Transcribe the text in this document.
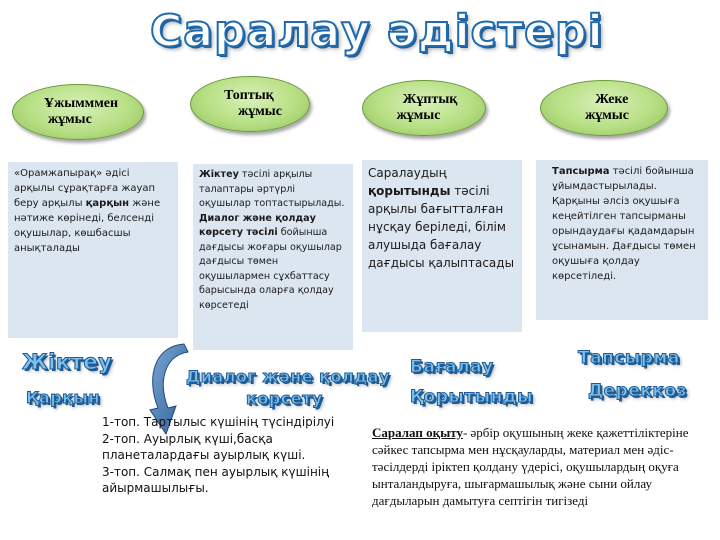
Саралау әдістері
Ұжымммен
жұмыс
Топтық
жұмыс
Жұптық
жұмыс
Жеке
жұмыс
«Орамжапырақ» әдісі арқылы сұрақтарға жауап беру арқылы қарқын және нәтиже көрінеді, белсенді оқушылар, көшбасшы анықталады
Жіктеу тәсілі арқылы талаптары әртүрлі оқушылар топтастырылады. Диалог және қолдау көрсету тәсілі бойынша дағдысы жоғары оқушылар дағдысы төмен оқушылармен сұхбаттасу барысында оларға қолдау көрсетеді
Саралаудың қорытынды тәсілі арқылы бағытталған нұсқау беріледі, білім алушыда бағалау дағдысы қалыптасады
Тапсырма тәсілі бойынша ұйымдастырылады. Қарқыны әлсіз оқушыға кеңейтілген тапсырманы орындаудағы қадамдарын ұсынамын. Дағдысы төмен оқушыға қолдау көрсетіледі.
Жіктеу
Қарқын
Диалог және қолдау
көрсету
Бағалау
Қорытынды
Тапсырма
Дереккөз
1-топ. Тартылыс күшінің түсіндірілуі
2-топ. Ауырлық күші,басқа планеталардағы ауырлық күші.
3-топ. Салмақ пен ауырлық күшінің айырмашылығы.
Саралап оқыту- әрбір оқушының жеке қажеттіліктеріне сәйкес тапсырма мен нұсқауларды, материал мен әдіс-тәсілдерді іріктеп қолдану үдерісі, оқушылардың оқуға ынталандыруға, шығармашылық және сыни ойлау дағдыларын дамытуға септігін тигізеді
